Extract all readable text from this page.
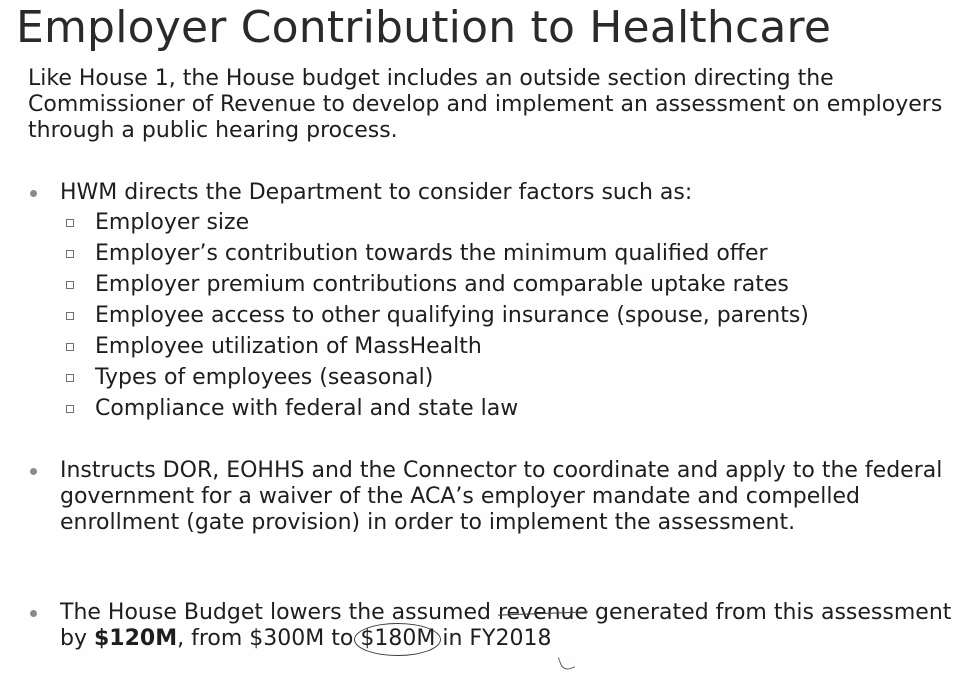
Employer Contribution to Healthcare

Like House 1, the House budget includes an outside section directing the Commissioner of Revenue to develop and implement an assessment on employers through a public hearing process.

HWM directs the Department to consider factors such as:

Employer size
Employer’s contribution towards the minimum qualified offer
Employer premium contributions and comparable uptake rates
Employee access to other qualifying insurance (spouse, parents)
Employee utilization of MassHealth
Types of employees (seasonal)
Compliance with federal and state law

Instructs DOR, EOHHS and the Connector to coordinate and apply to the federal government for a waiver of the ACA’s employer mandate and compelled enrollment (gate provision) in order to implement the assessment.

The House Budget lowers the assumed revenue generated from this assessment by $120M, from $300M to $180M in FY2018
